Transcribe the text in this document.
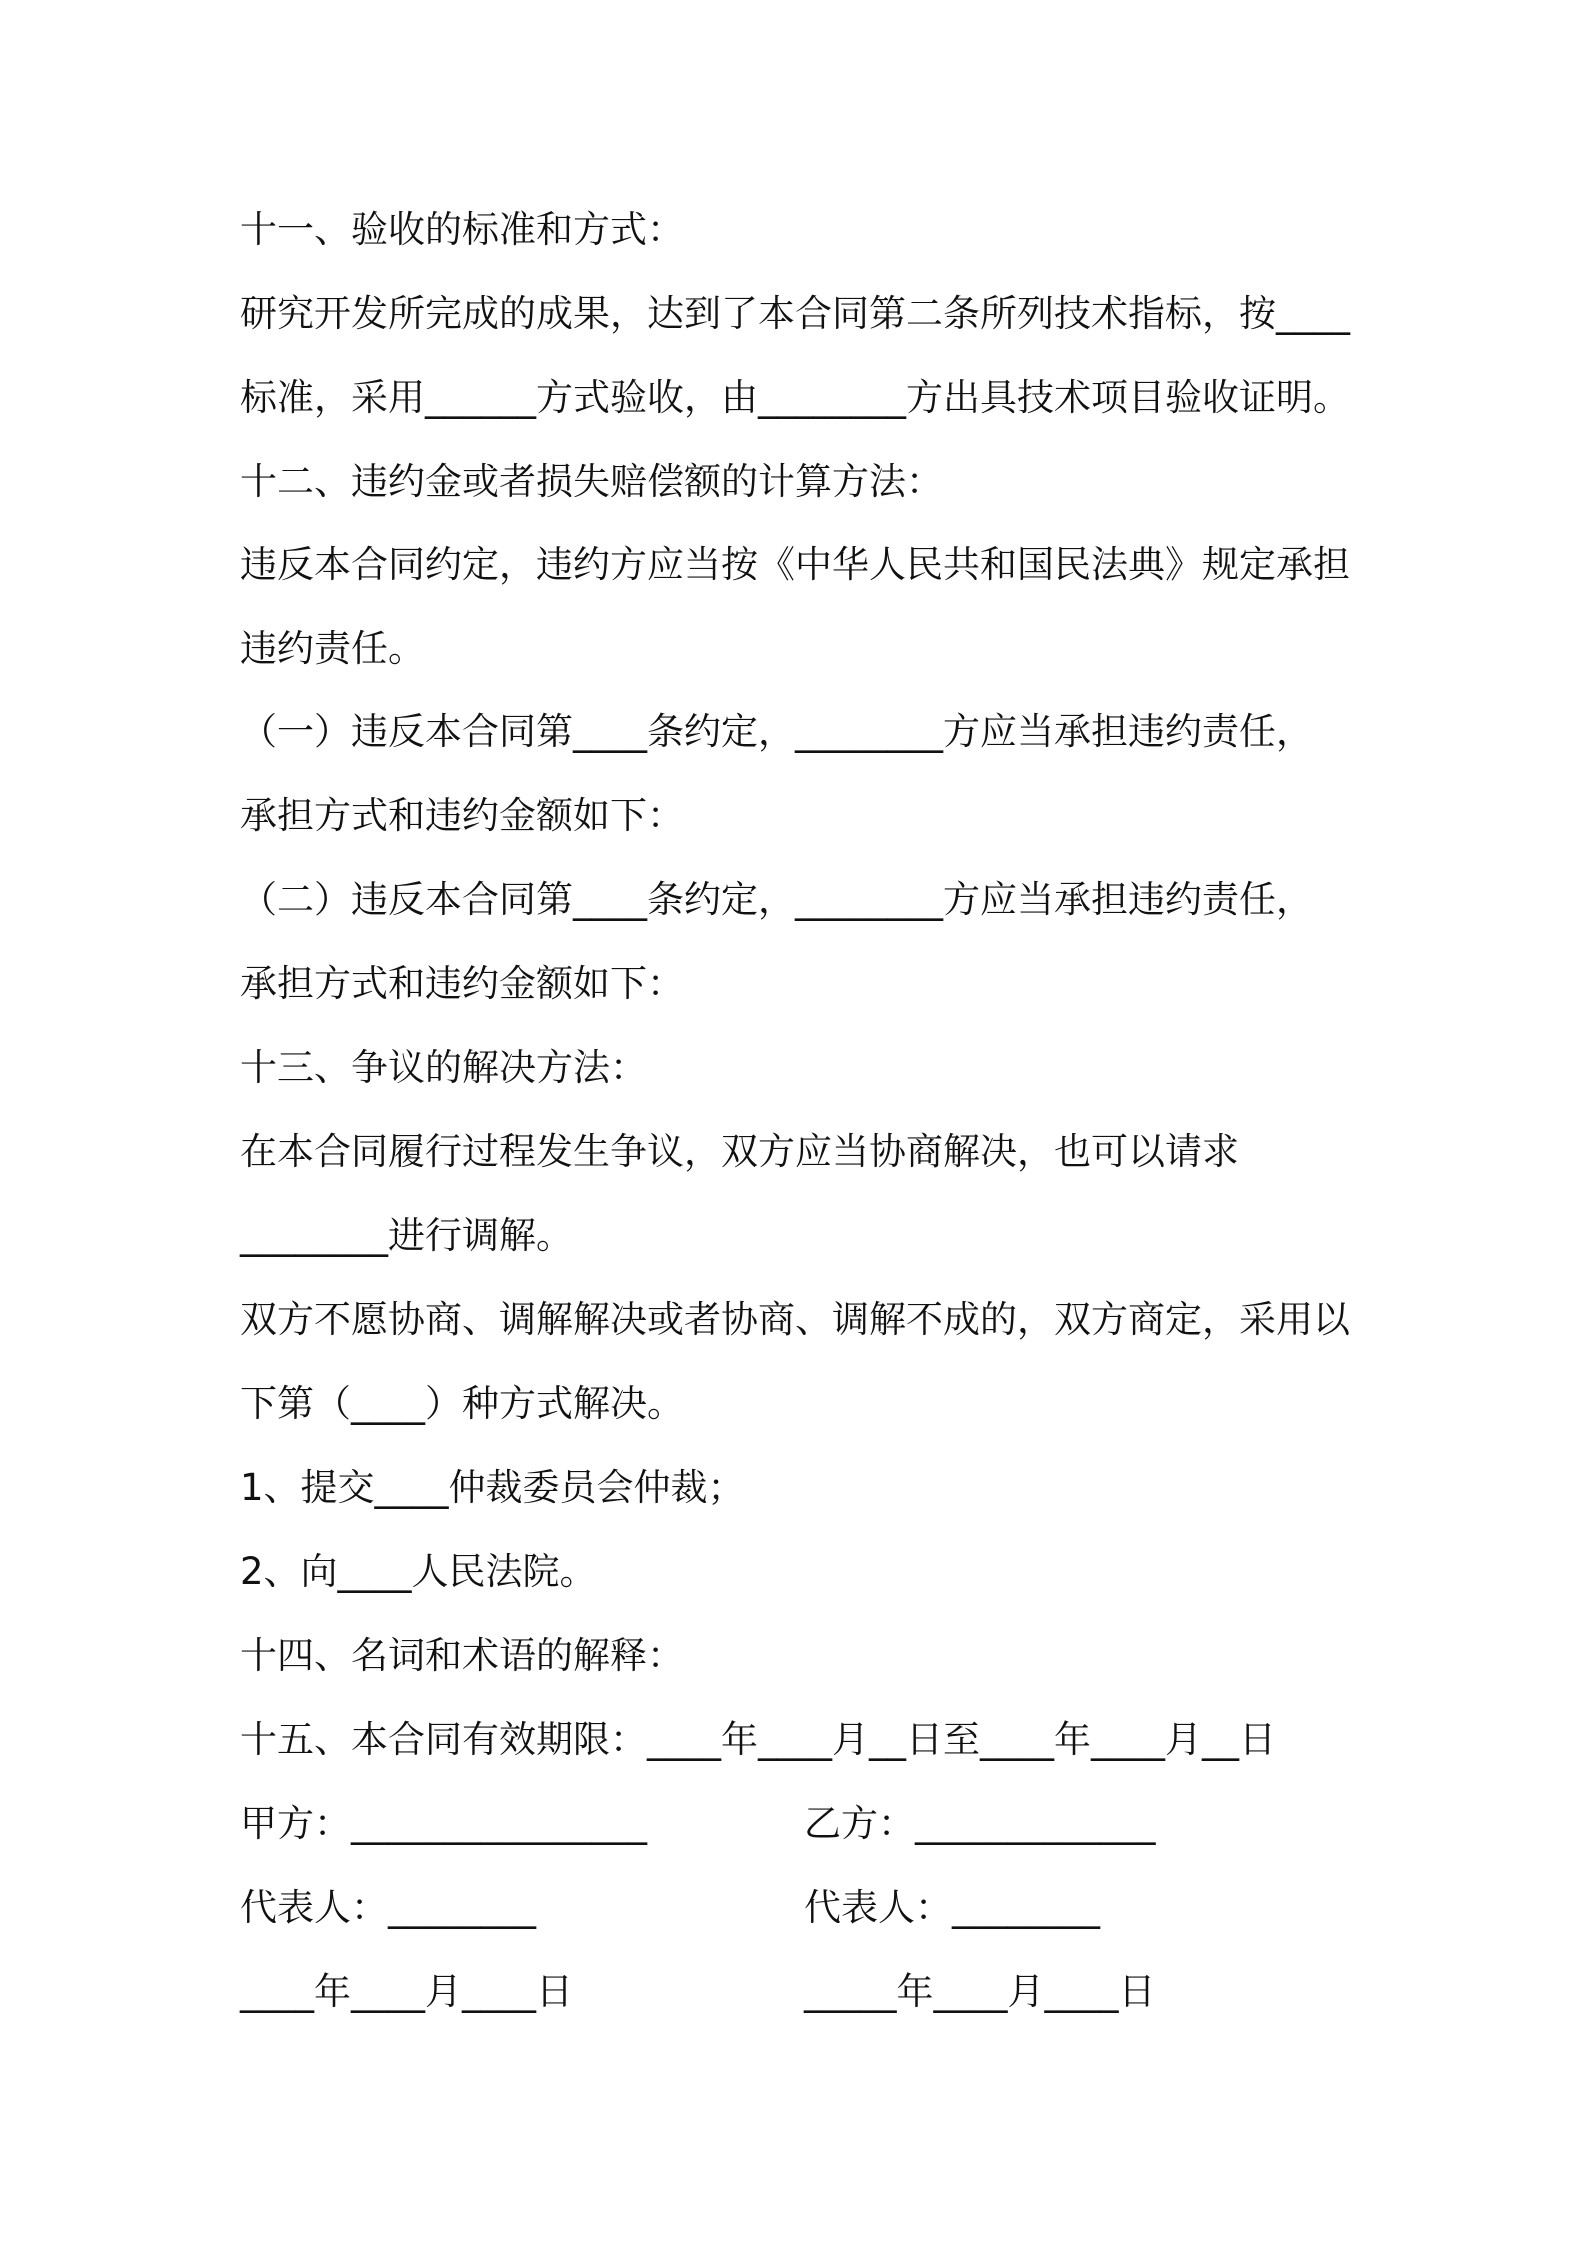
十一、验收的标准和方式：
研究开发所完成的成果，达到了本合同第二条所列技术指标，按____
标准，采用______方式验收，由________方出具技术项目验收证明。
十二、违约金或者损失赔偿额的计算方法：
违反本合同约定，违约方应当按《中华人民共和国民法典》规定承担
违约责任。
（一）违反本合同第____条约定，________方应当承担违约责任，
承担方式和违约金额如下：
（二）违反本合同第____条约定，________方应当承担违约责任，
承担方式和违约金额如下：
十三、争议的解决方法：
在本合同履行过程发生争议，双方应当协商解决，也可以请求
________进行调解。
双方不愿协商、调解解决或者协商、调解不成的，双方商定，采用以
下第（____）种方式解决。
1、提交____仲裁委员会仲裁；
2、向____人民法院。
十四、名词和术语的解释：
十五、本合同有效期限：____年____月__日至____年____月__日
甲方：________________	乙方：_____________
代表人：________	代表人：________
____年____月____日	_____年____月____日
